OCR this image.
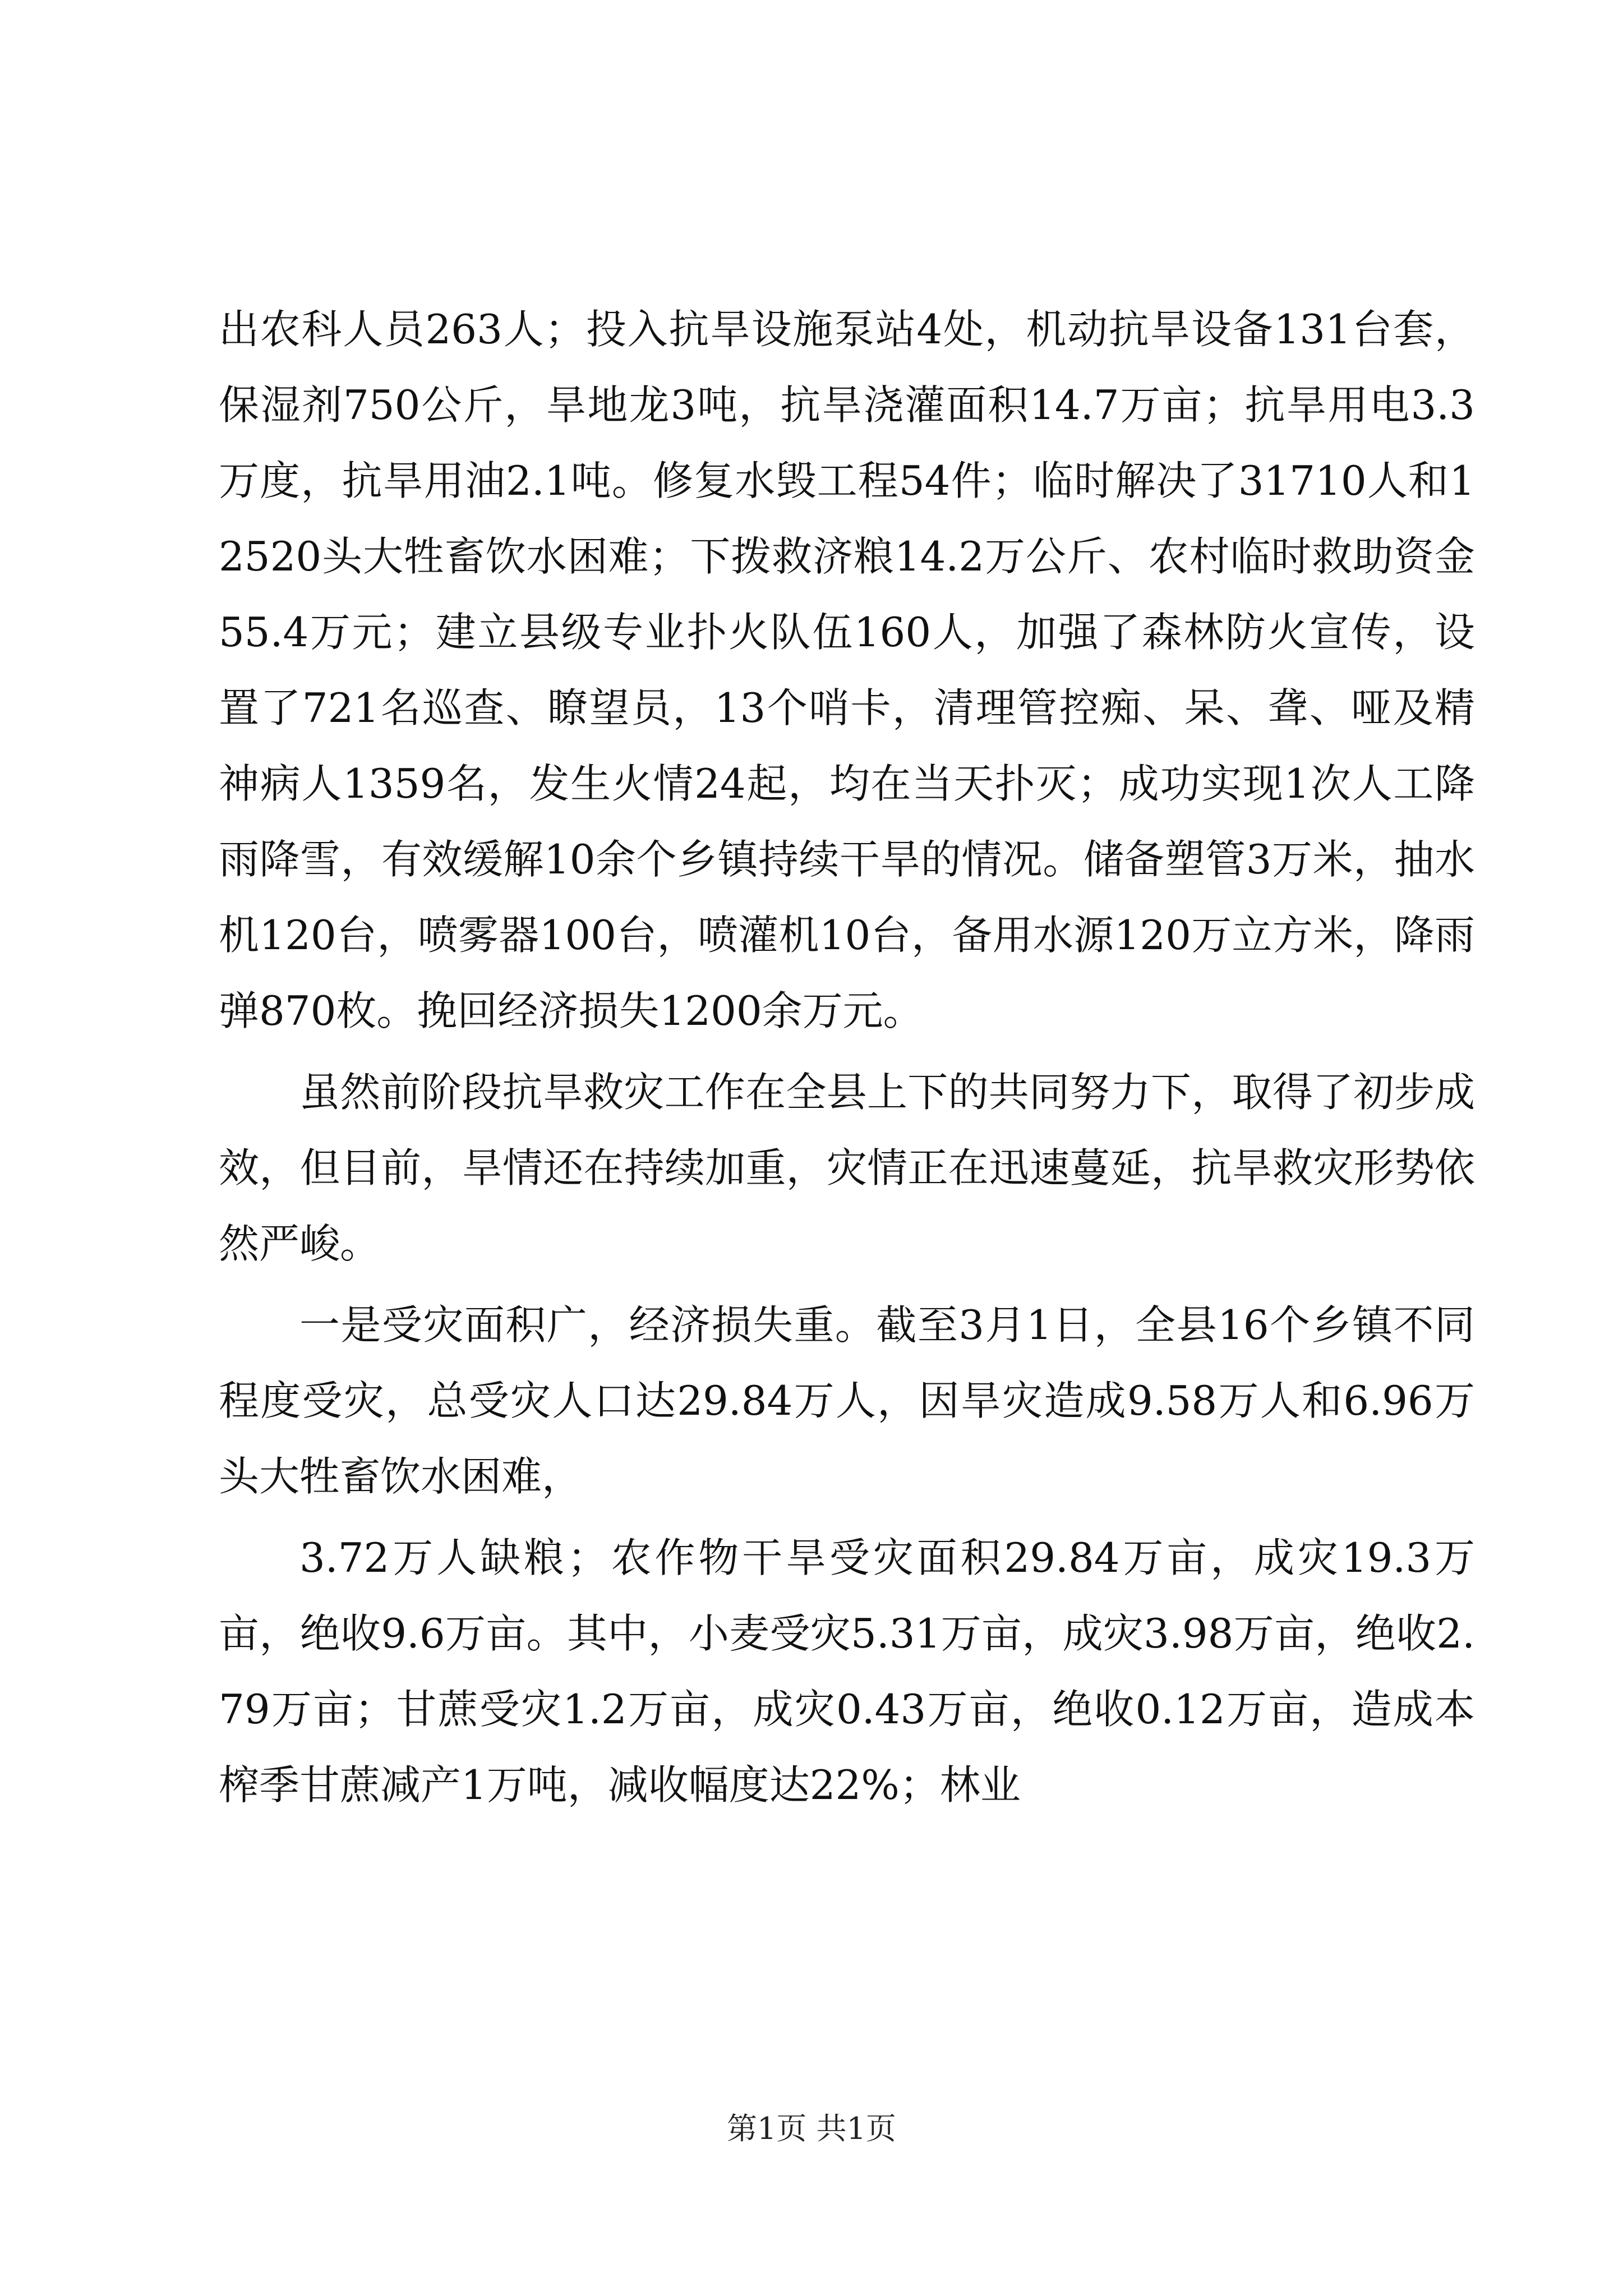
出农科人员263人；投入抗旱设施泵站4处，机动抗旱设备131台套，保湿剂750公斤，旱地龙3吨，抗旱浇灌面积14.7万亩；抗旱用电3.3万度，抗旱用油2.1吨。修复水毁工程54件；临时解决了31710人和12520头大牲畜饮水困难；下拨救济粮14.2万公斤、农村临时救助资金55.4万元；建立县级专业扑火队伍160人，加强了森林防火宣传，设置了721名巡查、瞭望员，13个哨卡，清理管控痴、呆、聋、哑及精神病人1359名，发生火情24起，均在当天扑灭；成功实现1次人工降雨降雪，有效缓解10余个乡镇持续干旱的情况。储备塑管3万米，抽水机120台，喷雾器100台，喷灌机10台，备用水源120万立方米，降雨弹870枚。挽回经济损失1200余万元。

虽然前阶段抗旱救灾工作在全县上下的共同努力下，取得了初步成效，但目前，旱情还在持续加重，灾情正在迅速蔓延，抗旱救灾形势依然严峻。

一是受灾面积广，经济损失重。截至3月1日，全县16个乡镇不同程度受灾，总受灾人口达29.84万人，因旱灾造成9.58万人和6.96万头大牲畜饮水困难，

3.72万人缺粮；农作物干旱受灾面积29.84万亩，成灾19.3万亩，绝收9.6万亩。其中，小麦受灾5.31万亩，成灾3.98万亩，绝收2.79万亩；甘蔗受灾1.2万亩，成灾0.43万亩，绝收0.12万亩，造成本榨季甘蔗减产1万吨，减收幅度达22%；林业

第1页 共1页
